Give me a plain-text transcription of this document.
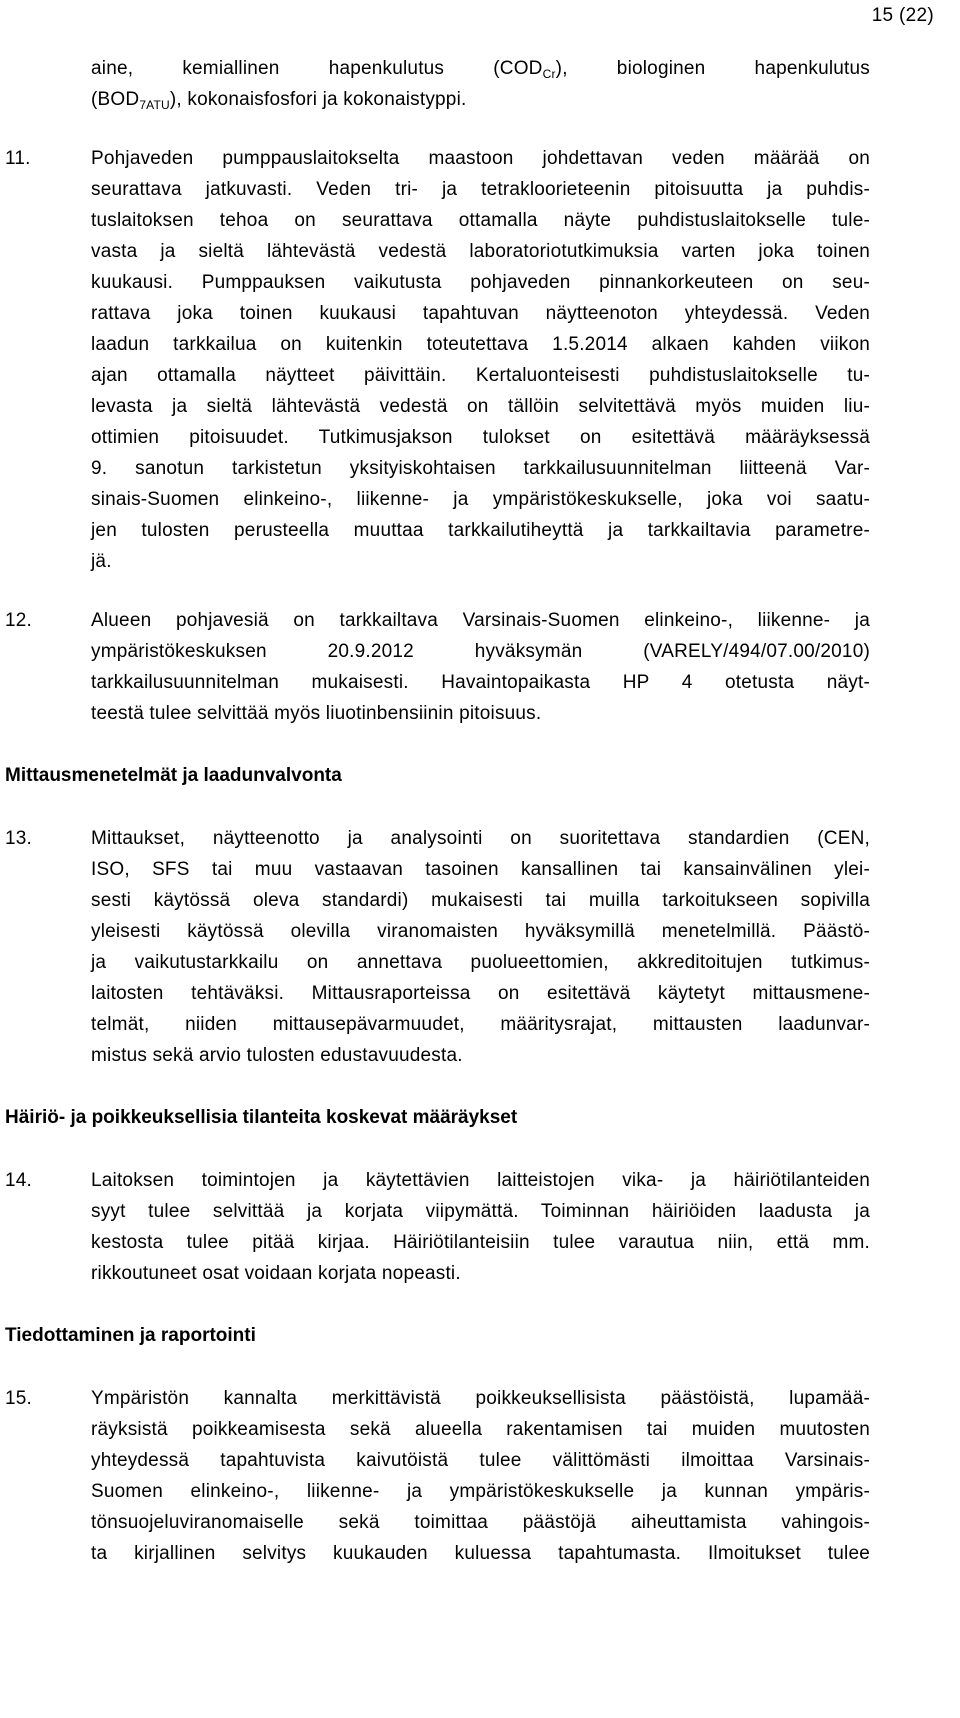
15 (22)
aine, kemiallinen hapenkulutus $(COD_{Cr})$, biologinen hapenkulutus
$(BOD_{7ATU})$, kokonaisfosfori ja kokonaistyppi.
11.	Pohjaveden pumppauslaitokselta maastoon johdettavan veden määrää on
seurattava jatkuvasti. Veden tri- ja tetrakloorieteenin pitoisuutta ja puhdis-
tuslaitoksen tehoa on seurattava ottamalla näyte puhdistuslaitokselle tule-
vasta ja sieltä lähtevästä vedestä laboratoriotutkimuksia varten joka toinen
kuukausi. Pumppauksen vaikutusta pohjaveden pinnankorkeuteen on seu-
rattava joka toinen kuukausi tapahtuvan näytteenoton yhteydessä. Veden
laadun tarkkailua on kuitenkin toteutettava 1.5.2014 alkaen kahden viikon
ajan ottamalla näytteet päivittäin. Kertaluonteisesti puhdistuslaitokselle tu-
levasta ja sieltä lähtevästä vedestä on tällöin selvitettävä myös muiden liu-
ottimien pitoisuudet. Tutkimusjakson tulokset on esitettävä määräyksessä
9. sanotun tarkistetun yksityiskohtaisen tarkkailusuunnitelman liitteenä Var-
sinais-Suomen elinkeino-, liikenne- ja ympäristökeskukselle, joka voi saatu-
jen tulosten perusteella muuttaa tarkkailutiheyttä ja tarkkailtavia parametre-
jä.
12.	Alueen pohjavesiä on tarkkailtava Varsinais-Suomen elinkeino-, liikenne- ja
ympäristökeskuksen 20.9.2012 hyväksymän (VARELY/494/07.00/2010)
tarkkailusuunnitelman mukaisesti. Havaintopaikasta HP 4 otetusta näyt-
teestä tulee selvittää myös liuotinbensiinin pitoisuus.
Mittausmenetelmät ja laadunvalvonta
13.	Mittaukset, näytteenotto ja analysointi on suoritettava standardien (CEN,
ISO, SFS tai muu vastaavan tasoinen kansallinen tai kansainvälinen ylei-
sesti käytössä oleva standardi) mukaisesti tai muilla tarkoitukseen sopivilla
yleisesti käytössä olevilla viranomaisten hyväksymillä menetelmillä. Päästö-
ja vaikutustarkkailu on annettava puolueettomien, akkreditoitujen tutkimus-
laitosten tehtäväksi. Mittausraporteissa on esitettävä käytetyt mittausmene-
telmät, niiden mittausepävarmuudet, määritysrajat, mittausten laadunvar-
mistus sekä arvio tulosten edustavuudesta.
Häiriö- ja poikkeuksellisia tilanteita koskevat määräykset
14.	Laitoksen toimintojen ja käytettävien laitteistojen vika- ja häiriötilanteiden
syyt tulee selvittää ja korjata viipymättä. Toiminnan häiriöiden laadusta ja
kestosta tulee pitää kirjaa. Häiriötilanteisiin tulee varautua niin, että mm.
rikkoutuneet osat voidaan korjata nopeasti.
Tiedottaminen ja raportointi
15.	Ympäristön kannalta merkittävistä poikkeuksellisista päästöistä, lupamää-
räyksistä poikkeamisesta sekä alueella rakentamisen tai muiden muutosten
yhteydessä tapahtuvista kaivutöistä tulee välittömästi ilmoittaa Varsinais-
Suomen elinkeino-, liikenne- ja ympäristökeskukselle ja kunnan ympäris-
tönsuojeluviranomaiselle sekä toimittaa päästöjä aiheuttamista vahingois-
ta kirjallinen selvitys kuukauden kuluessa tapahtumasta. Ilmoitukset tulee
